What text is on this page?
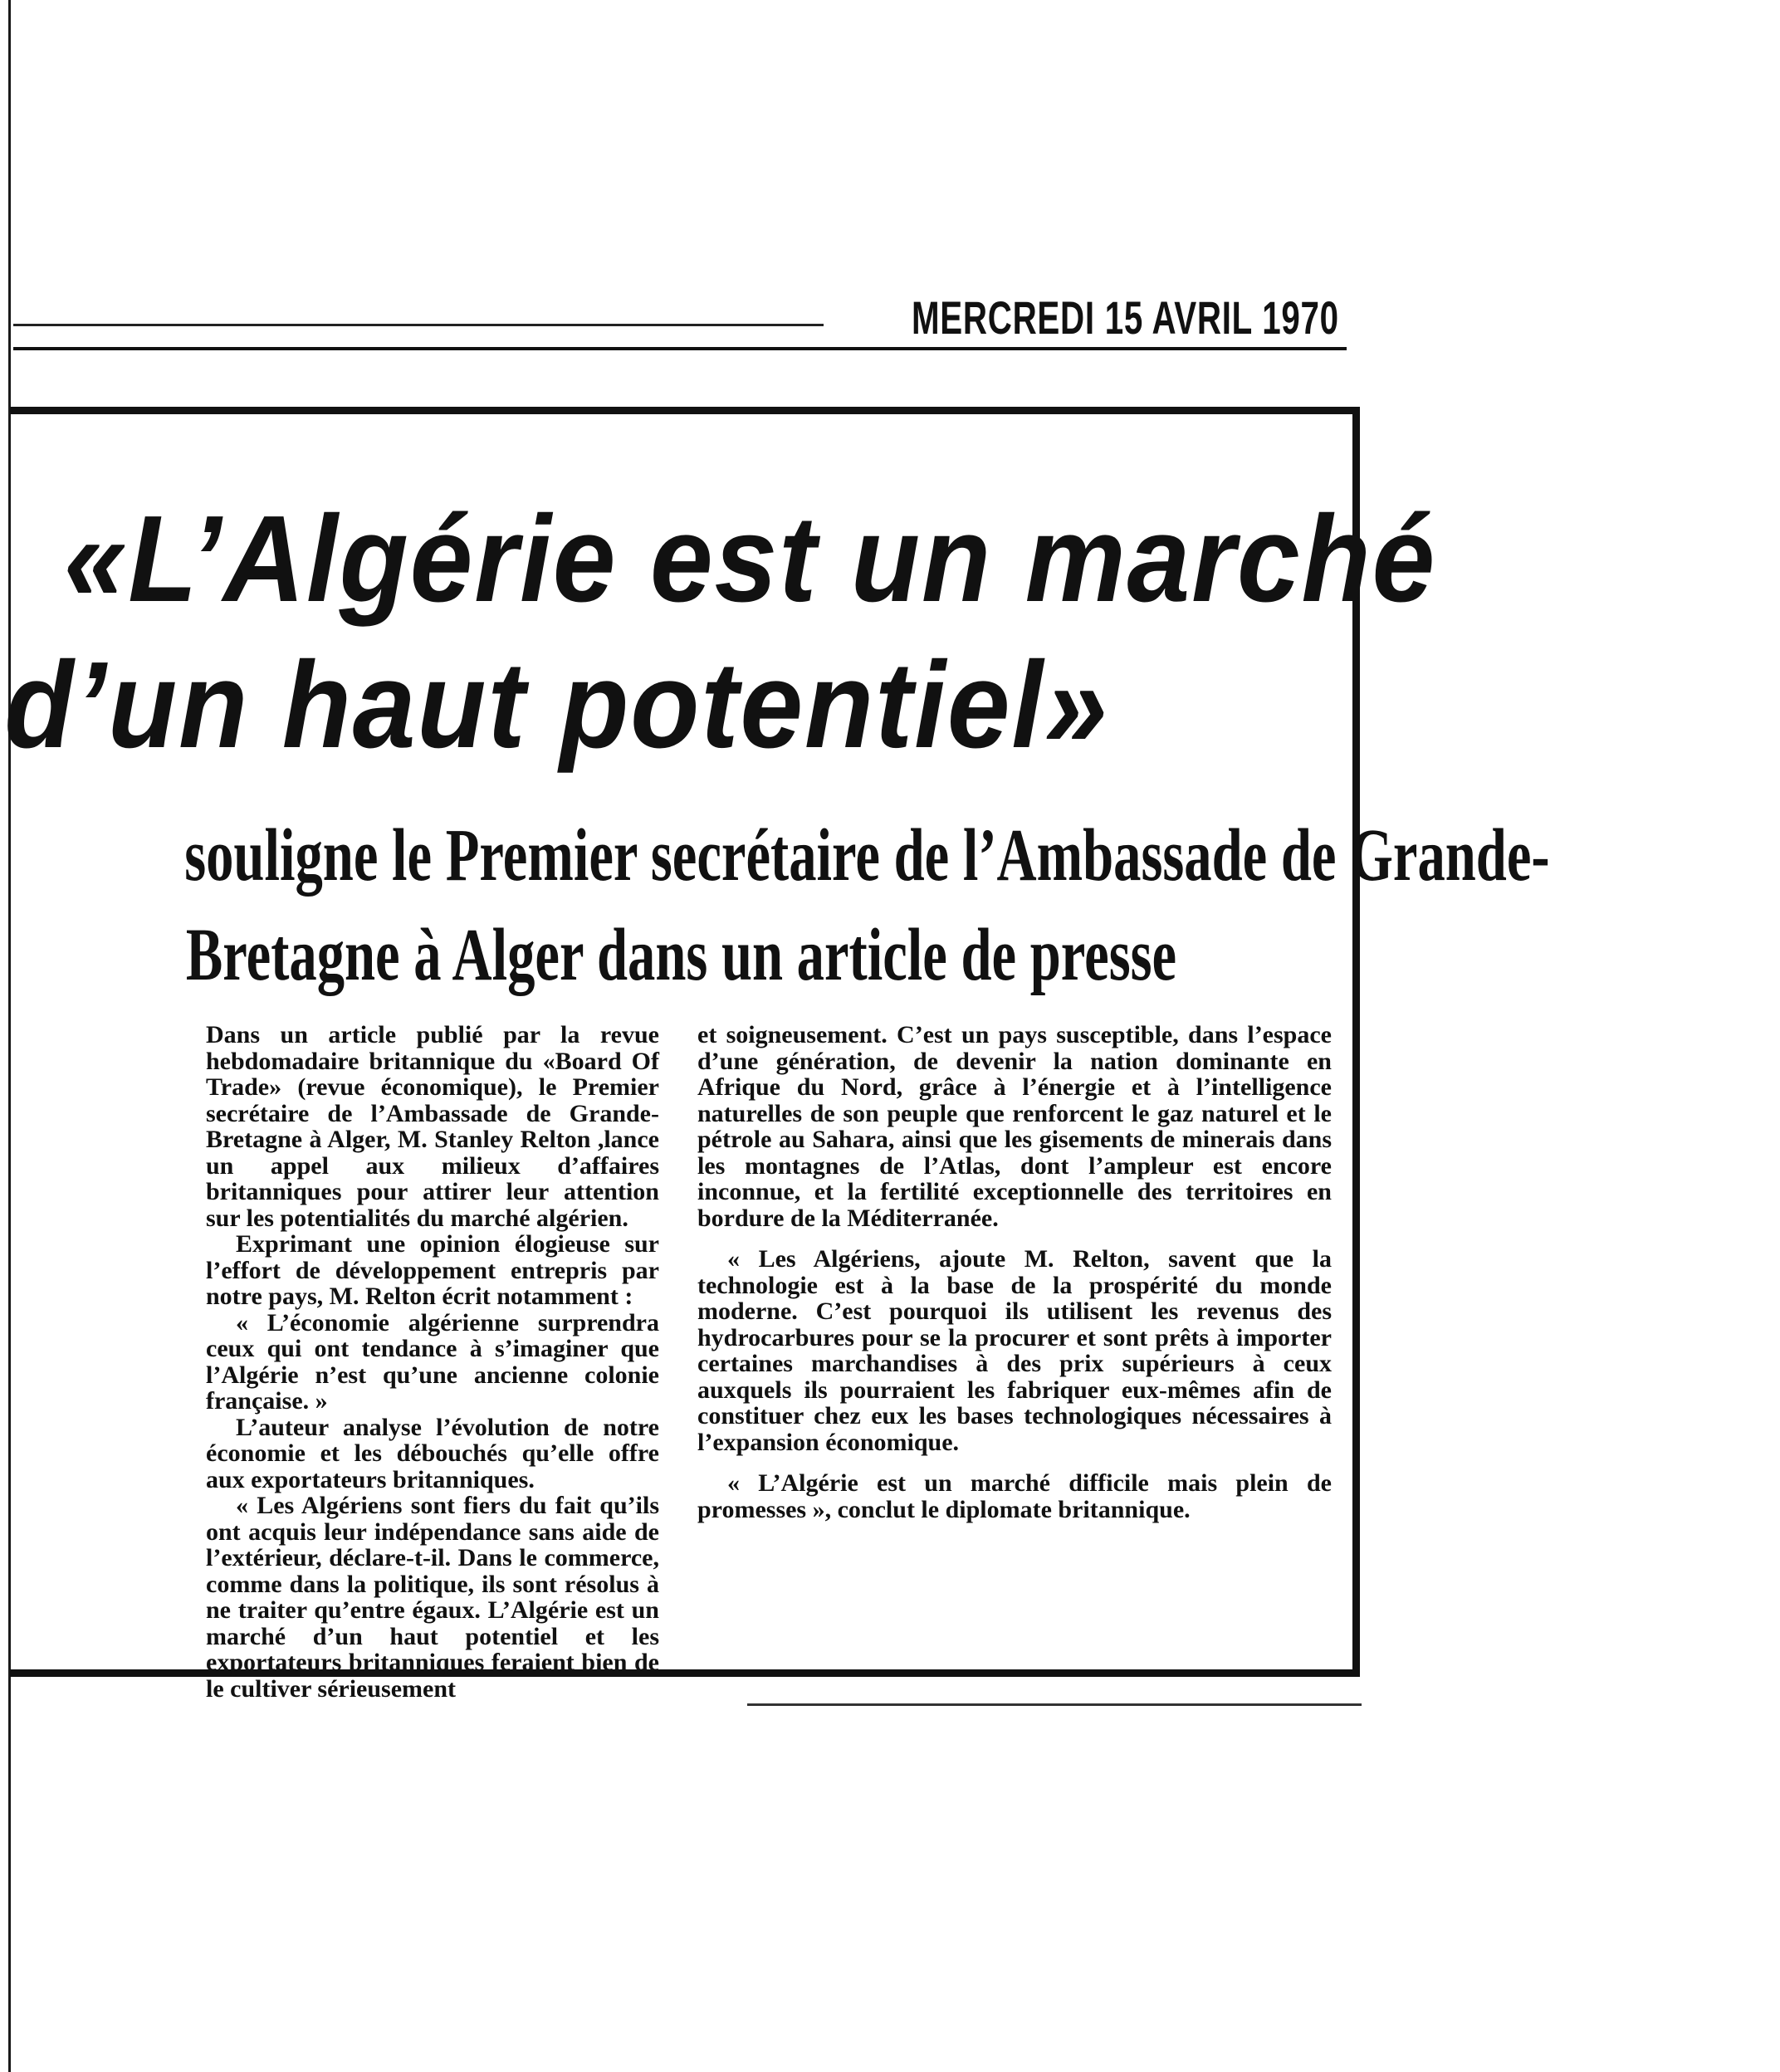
MERCREDI 15 AVRIL 1970
«L’Algérie est un marché
d’un haut potentiel»
souligne le Premier secrétaire de l’Ambassade de Grande-
Bretagne à Alger dans un article de presse

Dans un article publié par la revue hebdomadaire britannique du «Board Of Trade» (revue économique), le Premier secrétaire de l’Ambassade de Grande-Bretagne à Alger, M. Stanley Relton ,lance un appel aux milieux d’affaires britanniques pour attirer leur attention sur les potentialités du marché algérien.

Exprimant une opinion élogieuse sur l’effort de développement entrepris par notre pays, M. Relton écrit notamment :

« L’économie algérienne surprendra ceux qui ont tendance à s’imaginer que l’Algérie n’est qu’une ancienne colonie française. »

L’auteur analyse l’évolution de notre économie et les débouchés qu’elle offre aux exportateurs britanniques.

« Les Algériens sont fiers du fait qu’ils ont acquis leur indépendance sans aide de l’extérieur, déclare-t-il. Dans le commerce, comme dans la politique, ils sont résolus à ne traiter qu’entre égaux. L’Algérie est un marché d’un haut potentiel et les exportateurs britanniques feraient bien de le cultiver sérieusement

et soigneusement. C’est un pays susceptible, dans l’espace d’une génération, de devenir la nation dominante en Afrique du Nord, grâce à l’énergie et à l’intelligence naturelles de son peuple que renforcent le gaz naturel et le pétrole au Sahara, ainsi que les gisements de minerais dans les montagnes de l’Atlas, dont l’ampleur est encore inconnue, et la fertilité exceptionnelle des territoires en bordure de la Méditerranée.

« Les Algériens, ajoute M. Relton, savent que la technologie est à la base de la prospérité du monde moderne. C’est pourquoi ils utilisent les revenus des hydrocarbures pour se la procurer et sont prêts à importer certaines marchandises à des prix supérieurs à ceux auxquels ils pourraient les fabriquer eux-mêmes afin de constituer chez eux les bases technologiques nécessaires à l’expansion économique.

« L’Algérie est un marché difficile mais plein de promesses », conclut le diplomate britannique.
